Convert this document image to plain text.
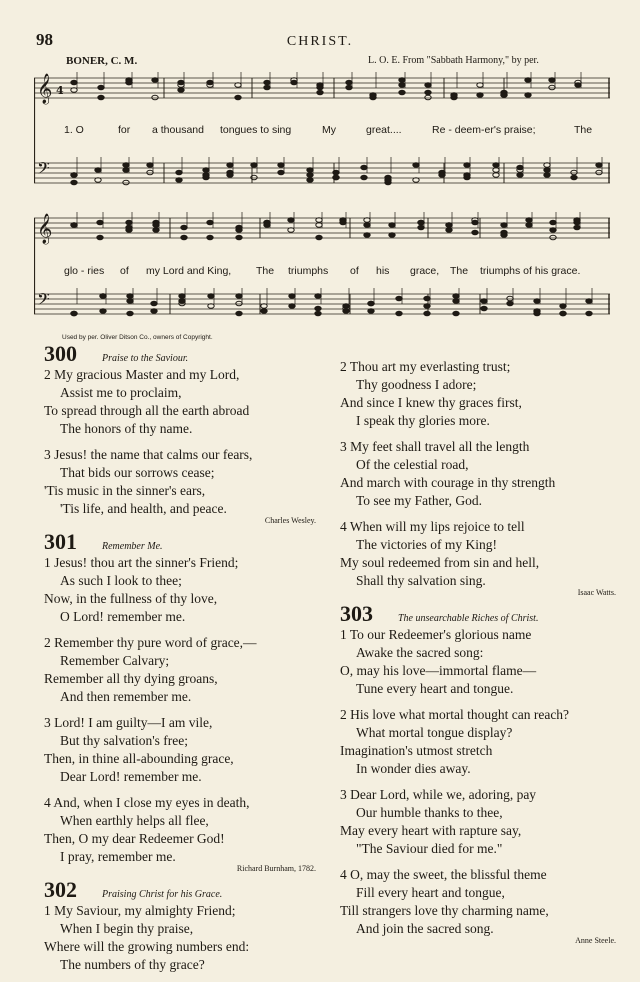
98	CHRIST.
BONER, C. M.	L. O. E. From "Sabbath Harmony," by per.
𝄞
𝄢
4
1. O	for a thousand tongues to sing	My	great....	Re - deem-er's praise;	The
𝄞
𝄢
glo - ries of my Lord and King, The triumphs of his grace, The triumphs of his grace.
Used by per. Oliver Ditson Co., owners of Copyright.
300	Praise to the Saviour.
2 My gracious Master and my Lord,
Assist me to proclaim,
To spread through all the earth abroad
The honors of thy name.
3 Jesus! the name that calms our fears,
That bids our sorrows cease;
'Tis music in the sinner's ears,
'Tis life, and health, and peace.
Charles Wesley.
301	Remember Me.
1 Jesus! thou art the sinner's Friend;
As such I look to thee;
Now, in the fullness of thy love,
O Lord! remember me.
2 Remember thy pure word of grace,—
Remember Calvary;
Remember all thy dying groans,
And then remember me.
3 Lord! I am guilty—I am vile,
But thy salvation's free;
Then, in thine all-abounding grace,
Dear Lord! remember me.
4 And, when I close my eyes in death,
When earthly helps all flee,
Then, O my dear Redeemer God!
I pray, remember me.
Richard Burnham, 1782.
302	Praising Christ for his Grace.
1 My Saviour, my almighty Friend;
When I begin thy praise,
Where will the growing numbers end:
The numbers of thy grace?
2 Thou art my everlasting trust;
Thy goodness I adore;
And since I knew thy graces first,
I speak thy glories more.
3 My feet shall travel all the length
Of the celestial road,
And march with courage in thy strength
To see my Father, God.
4 When will my lips rejoice to tell
The victories of my King!
My soul redeemed from sin and hell,
Shall thy salvation sing.
Isaac Watts.
303	The unsearchable Riches of Christ.
1 To our Redeemer's glorious name
Awake the sacred song:
O, may his love—immortal flame—
Tune every heart and tongue.
2 His love what mortal thought can reach?
What mortal tongue display?
Imagination's utmost stretch
In wonder dies away.
3 Dear Lord, while we, adoring, pay
Our humble thanks to thee,
May every heart with rapture say,
"The Saviour died for me."
4 O, may the sweet, the blissful theme
Fill every heart and tongue,
Till strangers love thy charming name,
And join the sacred song.
Anne Steele.
